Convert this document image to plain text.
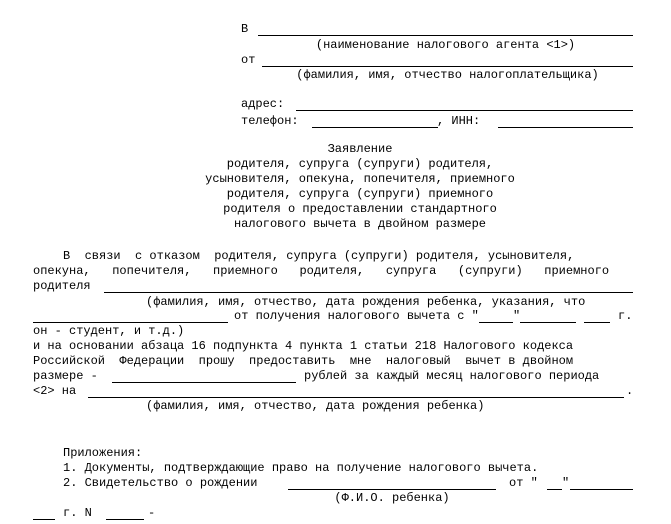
В
(наименование налогового агента <1>)
от
(фамилия, имя, отчество налогоплательщика)
адрес:
телефон:	, ИНН:
Заявление
родителя, супруга (супруги) родителя,
усыновителя, опекуна, попечителя, приемного
родителя, супруга (супруги) приемного
родителя о предоставлении стандартного
налогового вычета в двойном размере
В  связи  с отказом  родителя, супруга (супруги) родителя, усыновителя,
опекуна,   попечителя,   приемного   родителя,   супруга   (супруги)   приемного
родителя
(фамилия, имя, отчество, дата рождения ребенка, указания, что
от получения налогового вычета с "	"	г.
он - студент, и т.д.)
и на основании абзаца 16 подпункта 4 пункта 1 статьи 218 Налогового кодекса
Российской  Федерации  прошу  предоставить  мне  налоговый  вычет в двойном
размере -	рублей за каждый месяц налогового периода
<2> на	.
(фамилия, имя, отчество, дата рождения ребенка)
Приложения:
1. Документы, подтверждающие право на получение налогового вычета.
2. Свидетельство о рождении	от " "
(Ф.И.О. ребенка)
г. N	-
